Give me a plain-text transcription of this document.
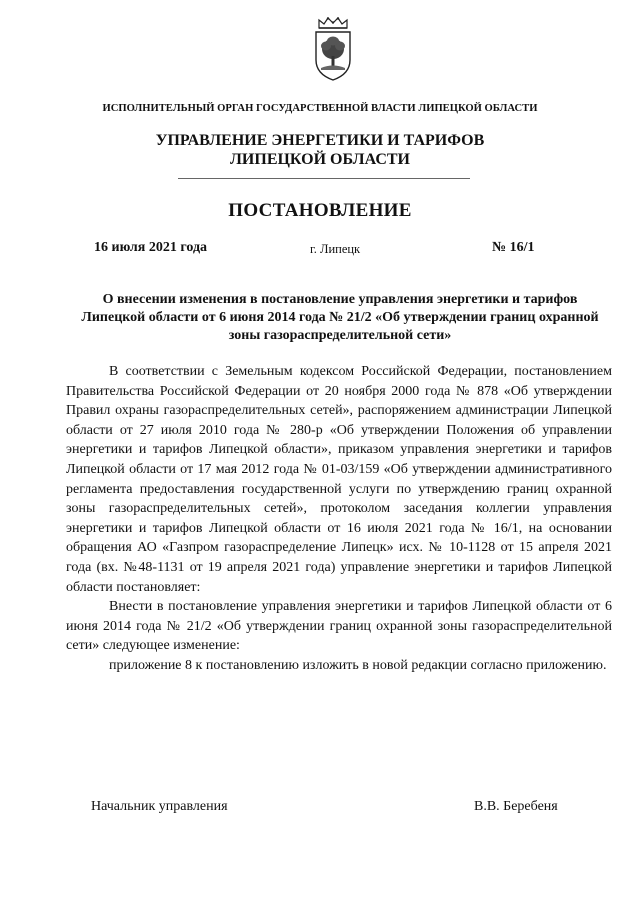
ИСПОЛНИТЕЛЬНЫЙ ОРГАН ГОСУДАРСТВЕННОЙ ВЛАСТИ ЛИПЕЦКОЙ ОБЛАСТИ
УПРАВЛЕНИЕ ЭНЕРГЕТИКИ И ТАРИФОВ
ЛИПЕЦКОЙ ОБЛАСТИ
ПОСТАНОВЛЕНИЕ
16 июля 2021 года	г. Липецк	№ 16/1
О внесении изменения в постановление управления энергетики и тарифов Липецкой области от 6 июня 2014 года № 21/2 «Об утверждении границ охранной зоны газораспределительной сети»

В соответствии с Земельным кодексом Российской Федерации, постановлением Правительства Российской Федерации от 20 ноября 2000 года № 878 «Об утверждении Правил охраны газораспределительных сетей», распоряжением администрации Липецкой области от 27 июля 2010 года № 280-р «Об утверждении Положения об управлении энергетики и тарифов Липецкой области», приказом управления энергетики и тарифов Липецкой области от 17 мая 2012 года № 01-03/159 «Об утверждении административного регламента предоставления государственной услуги по утверждению границ охранной зоны газораспределительных сетей», протоколом заседания коллегии управления энергетики и тарифов Липецкой области от 16 июля 2021 года № 16/1, на основании обращения АО «Газпром газораспределение Липецк» исх. № 10-1128 от 15 апреля 2021 года (вх. №48-1131 от 19 апреля 2021 года) управление энергетики и тарифов Липецкой области постановляет:

Внести в постановление управления энергетики и тарифов Липецкой области от 6 июня 2014 года № 21/2 «Об утверждении границ охранной зоны газораспределительной сети» следующее изменение:

приложение 8 к постановлению изложить в новой редакции согласно приложению.

Начальник управления	В.В. Беребеня
